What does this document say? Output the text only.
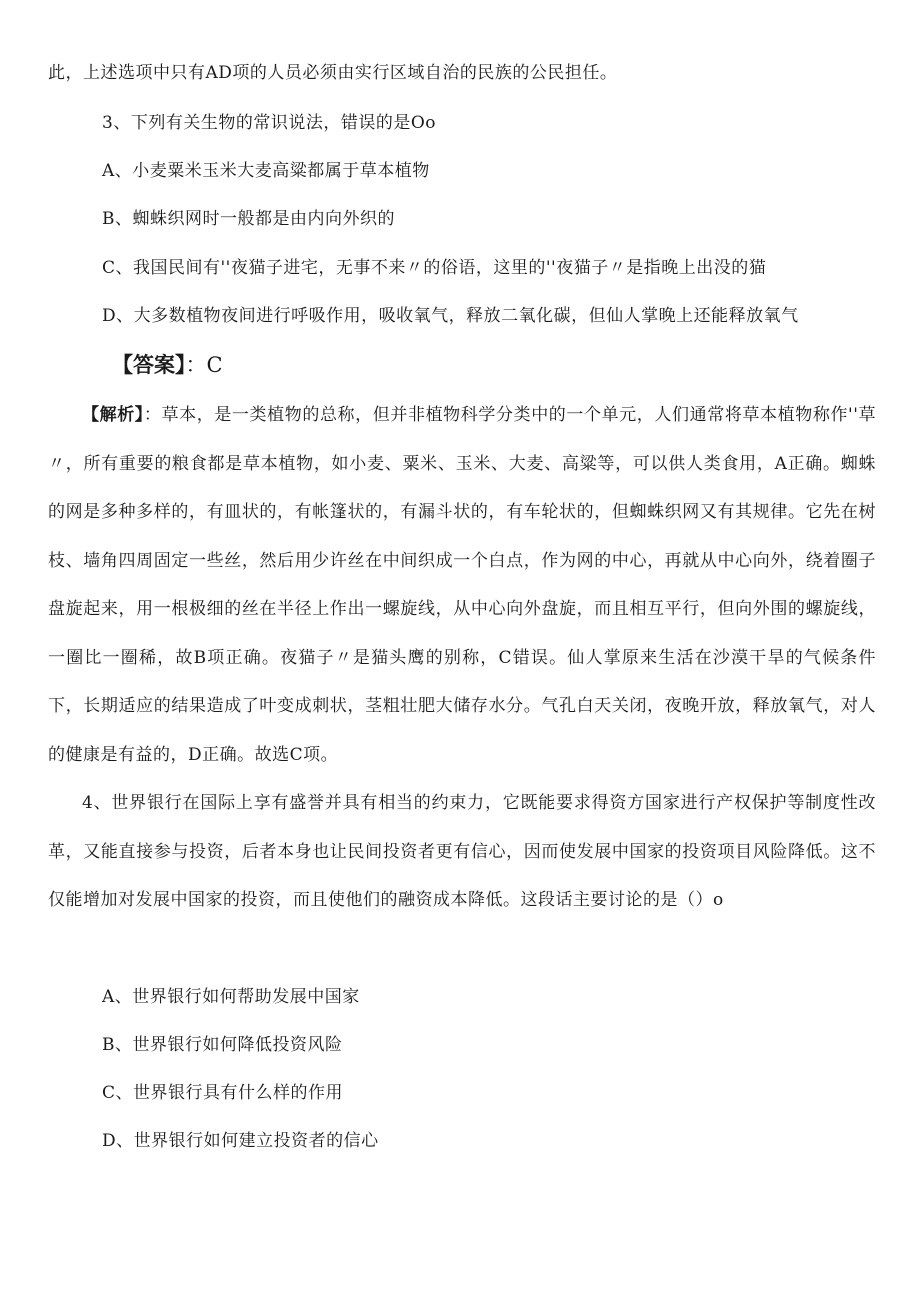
此，上述选项中只有AD项的人员必须由实行区域自治的民族的公民担任。
3、下列有关生物的常识说法，错误的是Oo
A、小麦粟米玉米大麦高粱都属于草本植物
B、蜘蛛织网时一般都是由内向外织的
C、我国民间有''夜猫子进宅，无事不来〃的俗语，这里的''夜猫子〃是指晚上出没的猫
D、大多数植物夜间进行呼吸作用，吸收氧气，释放二氧化碳，但仙人掌晚上还能释放氧气
【答案】：C
【解析】：草本，是一类植物的总称，但并非植物科学分类中的一个单元，人们通常将草本植物称作''草〃，所有重要的粮食都是草本植物，如小麦、粟米、玉米、大麦、高粱等，可以供人类食用，A正确。蜘蛛的网是多种多样的，有皿状的，有帐篷状的，有漏斗状的，有车轮状的，但蜘蛛织网又有其规律。它先在树枝、墙角四周固定一些丝，然后用少许丝在中间织成一个白点，作为网的中心，再就从中心向外，绕着圈子盘旋起来，用一根极细的丝在半径上作出一螺旋线，从中心向外盘旋，而且相互平行，但向外围的螺旋线，一圈比一圈稀，故B项正确。夜猫子〃是猫头鹰的别称，C错误。仙人掌原来生活在沙漠干旱的气候条件下，长期适应的结果造成了叶变成刺状，茎粗壮肥大储存水分。气孔白天关闭，夜晚开放，释放氧气，对人的健康是有益的，D正确。故选C项。
4、世界银行在国际上享有盛誉并具有相当的约束力，它既能要求得资方国家进行产权保护等制度性改革，又能直接参与投资，后者本身也让民间投资者更有信心，因而使发展中国家的投资项目风险降低。这不仅能增加对发展中国家的投资，而且使他们的融资成本降低。这段话主要讨论的是（）o
A、世界银行如何帮助发展中国家
B、世界银行如何降低投资风险
C、世界银行具有什么样的作用
D、世界银行如何建立投资者的信心
